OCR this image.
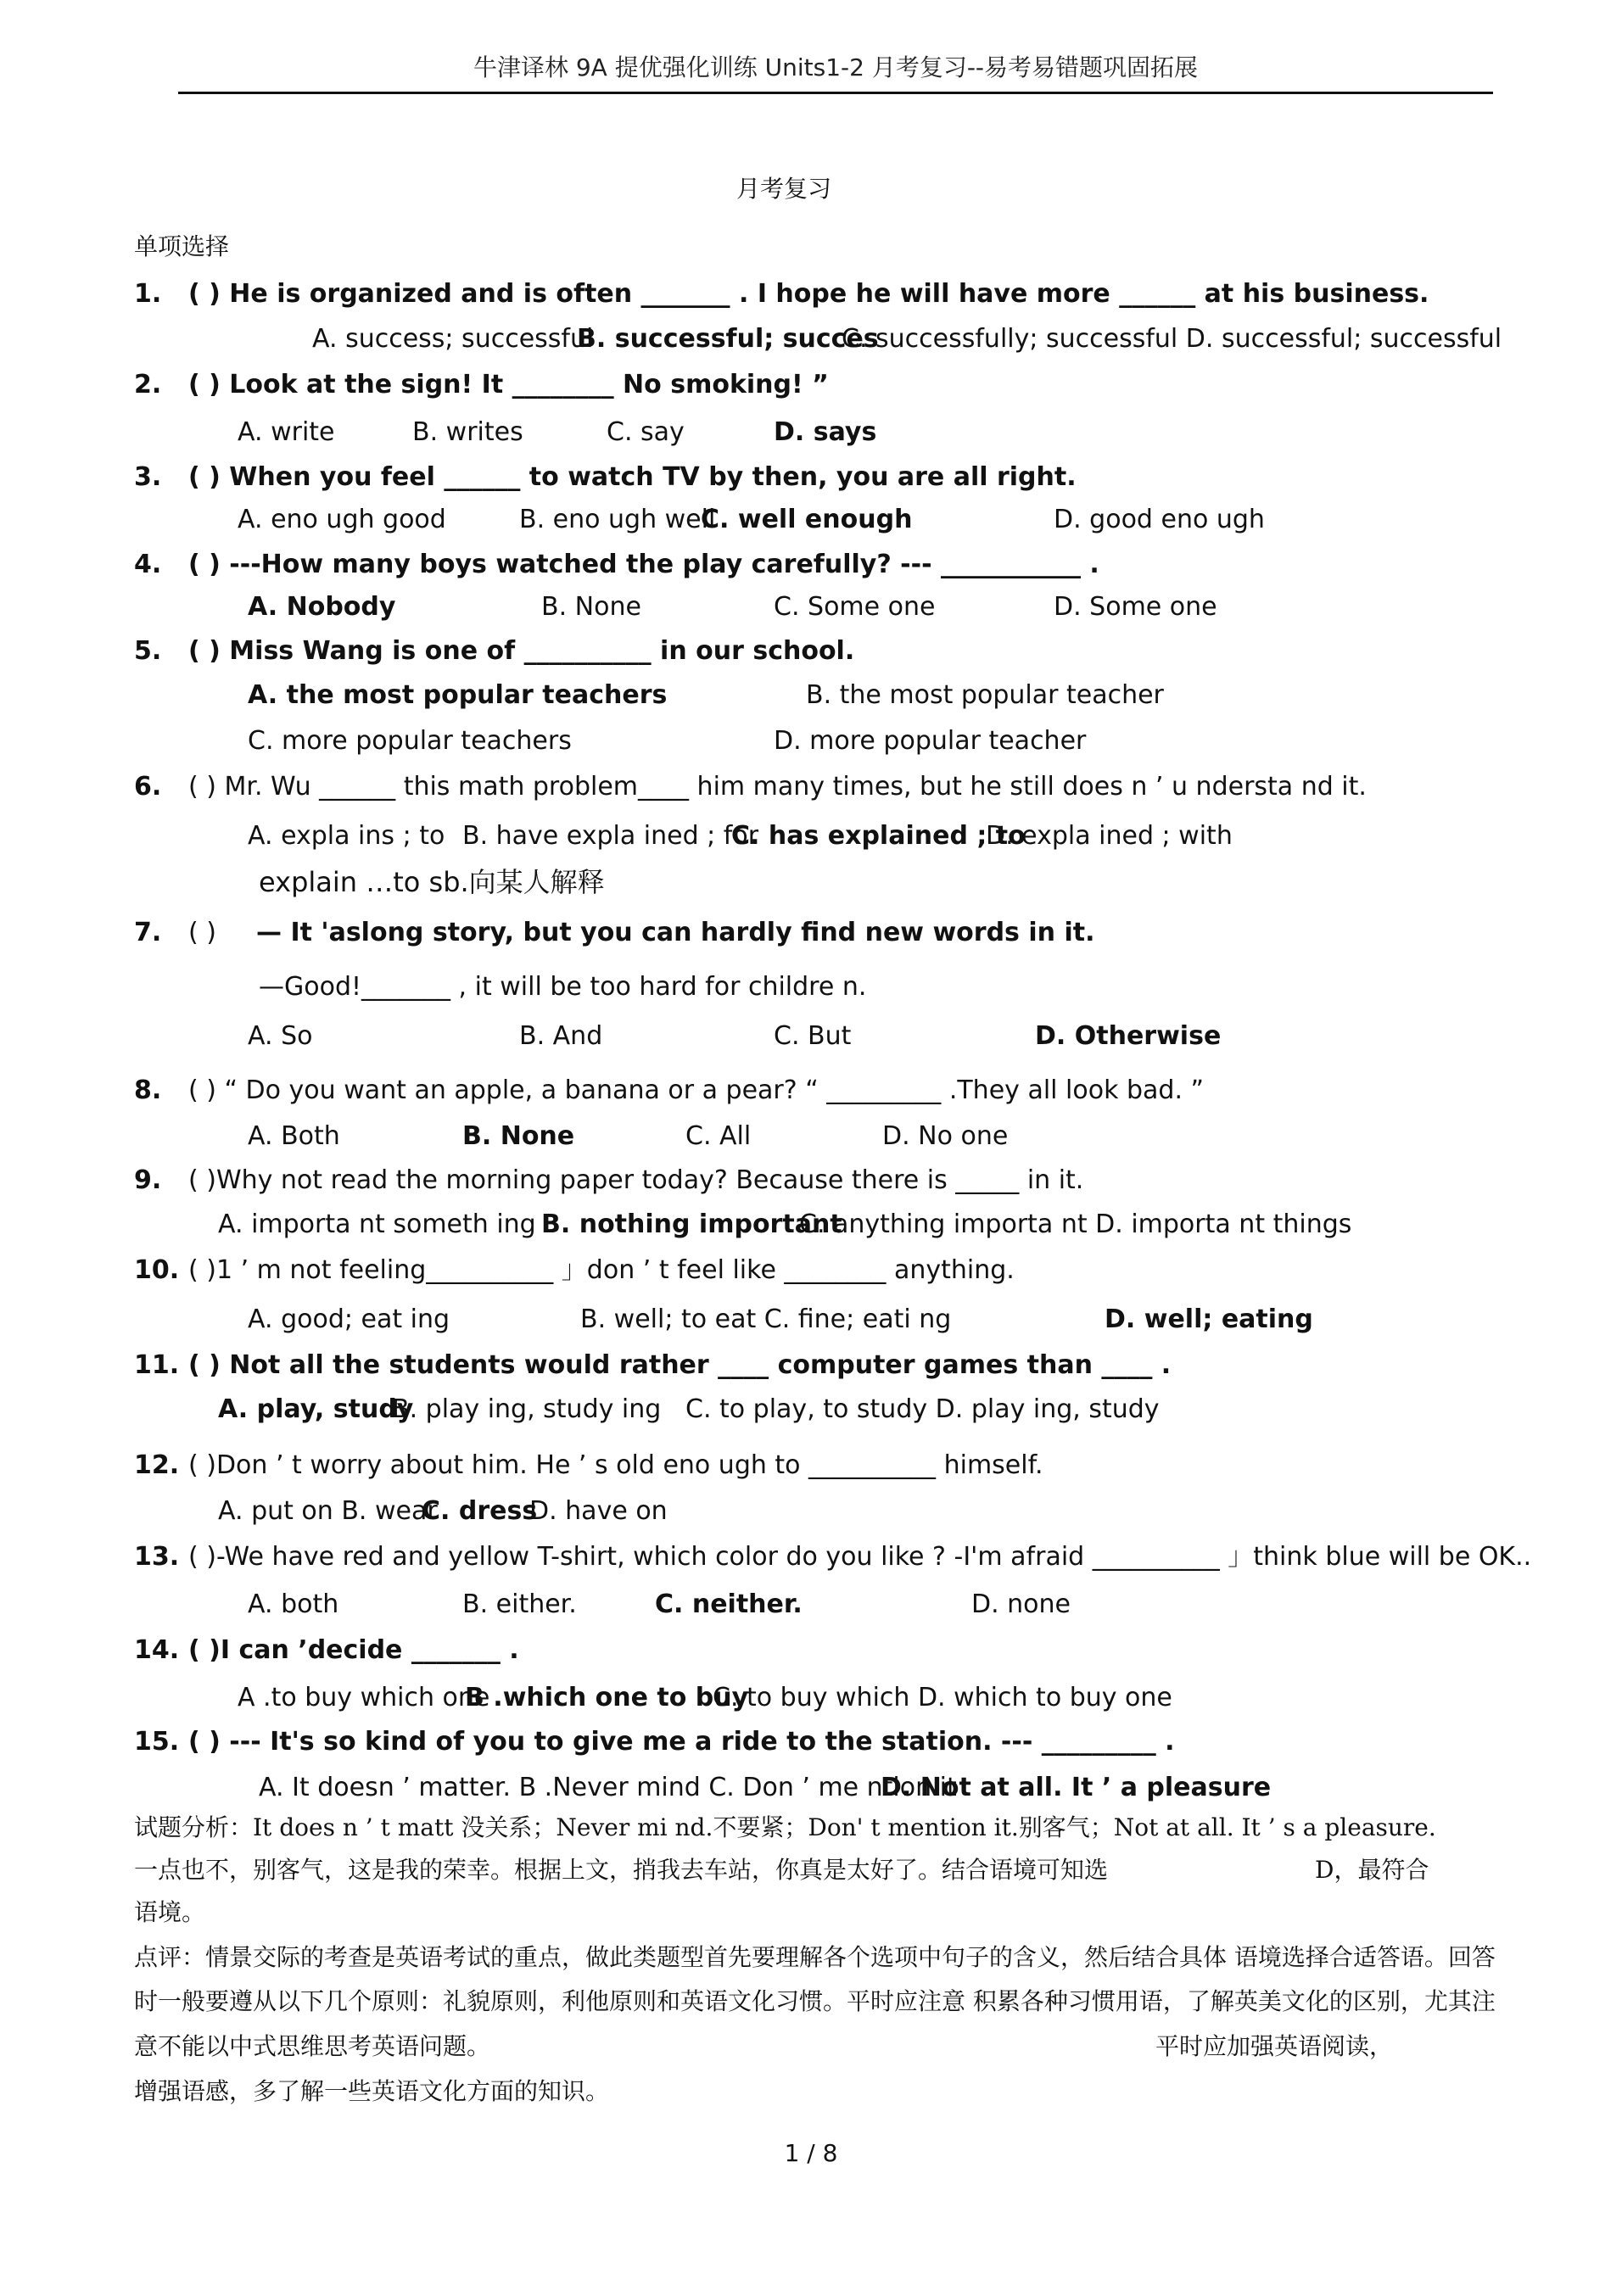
牛津译林 9A 提优强化训练 Units1-2 月考复习--易考易错题巩固拓展
月考复习
单项选择
1. ( ) He is organized and is often _______ . I hope he will have more ______ at his business.
A. success; successful
B. successful; succes
C. successfully; successful D. successful; successful
2. ( ) Look at the sign! It ________ No smoking! ”
A. write	B. writes	C. say	D. says
3. ( ) When you feel ______ to watch TV by then, you are all right.
A. eno ugh good	B. eno ugh well
C. well enough	D. good eno ugh
4. ( ) ---How many boys watched the play carefully? --- ___________ .
A. Nobody	B. None	C. Some one	D. Some one
5. ( ) Miss Wang is one of __________ in our school.
A. the most popular teachers	B. the most popular teacher
C. more popular teachers	D. more popular teacher
6. ( ) Mr. Wu ______ this math problem____ him many times, but he still does n ’ u ndersta nd it.
A. expla ins ; to B. have expla ined ; for
C. has explained ; to
D. expla ined ; with
explain …to sb.向某人解释
7. ( ) — It 'aslong story, but you can hardly find new words in it.
—Good!_______ , it will be too hard for childre n.
A. So	B. And	C. But	D. Otherwise
8. ( ) “ Do you want an apple, a banana or a pear? “ _________ .They all look bad. ”
A. Both	B. None	C. All	D. No one
9. ( )Why not read the morning paper today? Because there is _____ in it.
A. importa nt someth ing B. nothing important
C. anything importa nt D. importa nt things
10. ( )1 ’ m not feeling__________ 」don ’ t feel like ________ anything.
A. good; eat ing	B. well; to eat C. fine; eati ng	D. well; eating
11. ( ) Not all the students would rather ____ computer games than ____ .
A. play, study
B. play ing, study ing C. to play, to study D. play ing, study
12. ( )Don ’ t worry about him. He ’ s old eno ugh to __________ himself.
A. put on B. wear
C. dress
D. have on
13. ( )-We have red and yellow T-shirt, which color do you like ? -I'm afraid __________ 」think blue will be OK..
A. both	B. either.	C. neither.	D. none
14. ( )I can ’decide _______ .
A .to buy which one
B .which one to buy
C. to buy which D. which to buy one
15. ( ) --- It's so kind of you to give me a ride to the station. --- _________ .
A. It doesn ’ matter. B .Never mind C. Don ’ me ntion it
D. Not at all. It ’ a pleasure
试题分析：It does n ’ t matt 没关系；Never mi nd.不要紧；Don' t mention it.别客气；Not at all. It ’ s a pleasure.
一点也不，别客气，这是我的荣幸。根据上文，捎我去车站，你真是太好了。结合语境可知选	D，最符合
语境。
点评：情景交际的考查是英语考试的重点，做此类题型首先要理解各个选项中句子的含义，然后结合具体 语境选择合适答语。回答
时一般要遵从以下几个原则：礼貌原则，利他原则和英语文化习惯。平时应注意 积累各种习惯用语，了解英美文化的区别，尤其注
意不能以中式思维思考英语问题。	平时应加强英语阅读，
增强语感，多了解一些英语文化方面的知识。
1 / 8
